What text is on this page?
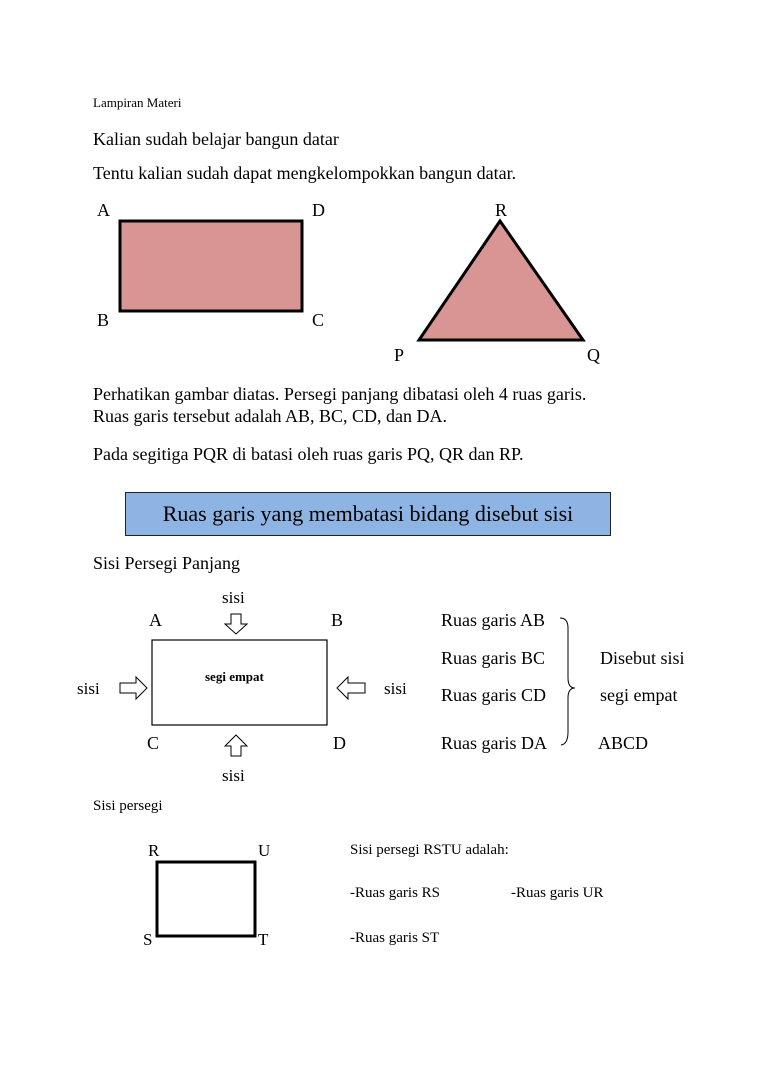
Lampiran Materi
Kalian sudah belajar bangun datar
Tentu kalian sudah dapat mengkelompokkan bangun datar.
A	D
B	C
R
P	Q
Perhatikan gambar diatas. Persegi panjang dibatasi oleh 4 ruas garis.
Ruas garis tersebut adalah AB, BC, CD, dan DA.
Pada segitiga PQR di batasi oleh ruas garis PQ, QR dan RP.
Ruas garis yang membatasi bidang disebut sisi
Sisi Persegi Panjang
sisi
A	B
segi empat
sisi	sisi
C	D
sisi
Ruas garis AB
Ruas garis BC
Ruas garis CD
Ruas garis DA
Disebut sisi
segi empat
ABCD
Sisi persegi
R	U
S	T
Sisi persegi RSTU adalah:
-Ruas garis RS	-Ruas garis UR
-Ruas garis ST
